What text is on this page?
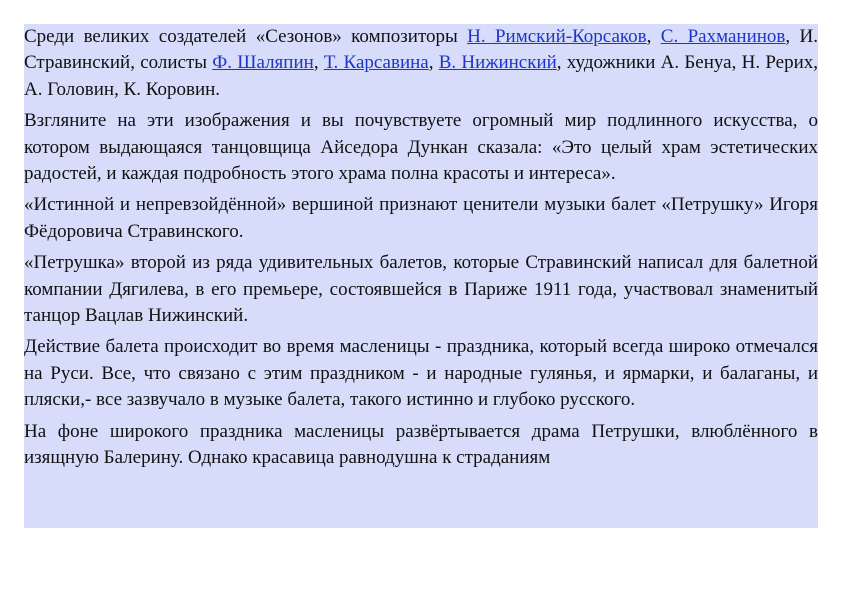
Среди великих создателей «Сезонов» композиторы Н. Римский-Корсаков, С. Рахманинов, И. Стравинский, солисты Ф. Шаляпин, Т. Карсавина, В. Нижинский, художники А. Бенуа, Н. Рерих, А. Головин, К. Коровин.

Взгляните на эти изображения и вы почувствуете огромный мир подлинного искусства, о котором выдающаяся танцовщица Айседора Дункан сказала: «Это целый храм эстетических радостей, и каждая подробность этого храма полна красоты и интереса».

«Истинной и непревзойдённой» вершиной признают ценители музыки балет «Петрушку» Игоря Фёдоровича Стравинского.

«Петрушка» второй из ряда удивительных балетов, которые Стравинский написал для балетной компании Дягилева, в его премьере, состоявшейся в Париже 1911 года, участвовал знаменитый танцор Вацлав Нижинский.

Действие балета происходит во время масленицы - праздника, который всегда широко отмечался на Руси. Все, что связано с этим праздником - и народные гулянья, и ярмарки, и балаганы, и пляски,- все зазвучало в музыке балета, такого истинно и глубоко русского.

На фоне широкого праздника масленицы развёртывается драма Петрушки, влюблённого в изящную Балерину. Однако красавица равнодушна к страданиям
